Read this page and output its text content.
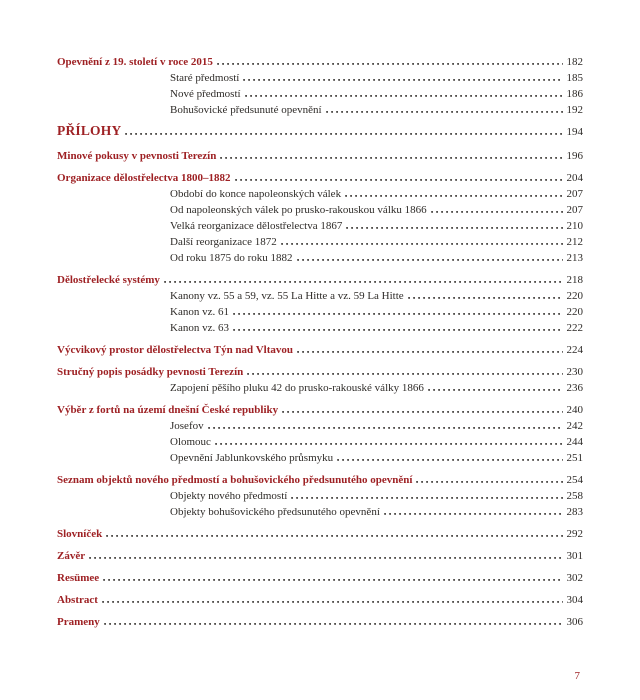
Opevnění z 19. století v roce 2015	182
Staré předmostí	185
Nové předmostí	186
Bohušovické předsunuté opevnění	192
PŘÍLOHY	194
Minové pokusy v pevnosti Terezín	196
Organizace dělostřelectva 1800–1882	204
Období do konce napoleonských válek	207
Od napoleonských válek po prusko-rakouskou válku 1866	207
Velká reorganizace dělostřelectva 1867	210
Další reorganizace 1872	212
Od roku 1875 do roku 1882	213
Dělostřelecké systémy	218
Kanony vz. 55 a 59, vz. 55 La Hitte a vz. 59 La Hitte	220
Kanon vz. 61	220
Kanon vz. 63	222
Výcvikový prostor dělostřelectva Týn nad Vltavou	224
Stručný popis posádky pevnosti Terezín	230
Zapojení pěšího pluku 42 do prusko-rakouské války 1866	236
Výběr z fortů na území dnešní České republiky	240
Josefov	242
Olomouc	244
Opevnění Jablunkovského průsmyku	251
Seznam objektů nového předmostí a bohušovického předsunutého opevnění	254
Objekty nového předmostí	258
Objekty bohušovického předsunutého opevnění	283
Slovníček	292
Závěr	301
Resümee	302
Abstract	304
Prameny	306
7
